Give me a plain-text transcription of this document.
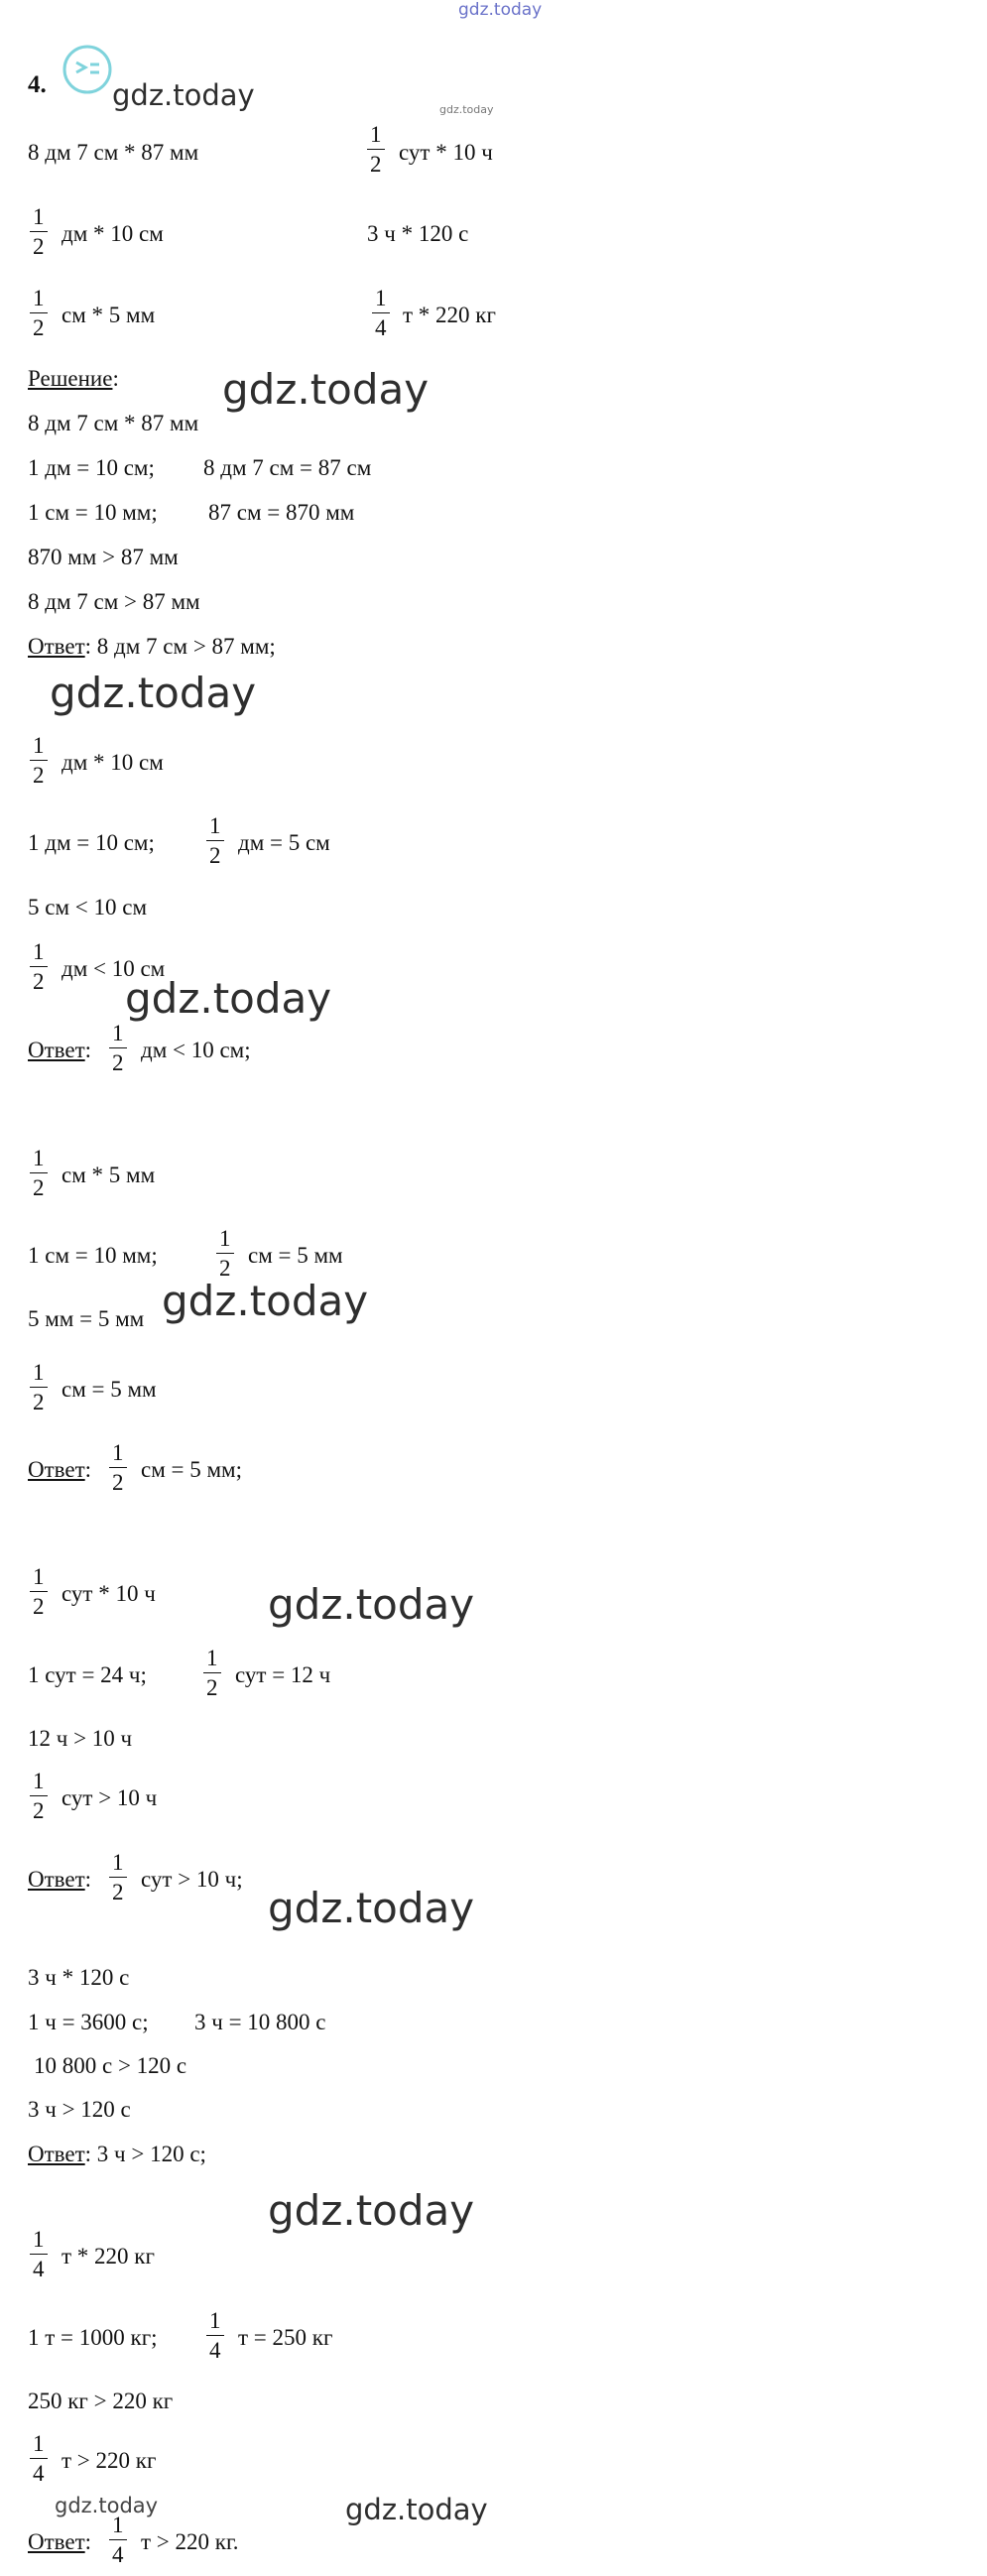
gdz.today
gdz.today	gdz.today
gdz.today
gdz.today
gdz.today
gdz.today
gdz.today
gdz.today
gdz.today
gdz.today	gdz.today
4.
8 дм 7 см * 87 мм	$\frac{1}{2}$ сут * 10 ч
$\frac{1}{2}$ дм * 10 см	3 ч * 120 с
$\frac{1}{2}$ см * 5 мм	$\frac{1}{4}$ т * 220 кг
Решение:
8 дм 7 см * 87 мм
1 дм = 10 см; 8 дм 7 см = 87 см
1 см = 10 мм; 87 см = 870 мм
870 мм > 87 мм
8 дм 7 см > 87 мм
Ответ: 8 дм 7 см > 87 мм;
$\frac{1}{2}$ дм * 10 см
1 дм = 10 см; $\frac{1}{2}$ дм = 5 см
5 см < 10 см
$\frac{1}{2}$ дм < 10 см
Ответ: $\frac{1}{2}$ дм < 10 см;
$\frac{1}{2}$ см * 5 мм
1 см = 10 мм;	$\frac{1}{2}$ см = 5 мм
5 мм = 5 мм
$\frac{1}{2}$ см = 5 мм
Ответ: $\frac{1}{2}$ см = 5 мм;
$\frac{1}{2}$ сут * 10 ч
1 сут = 24 ч; $\frac{1}{2}$ сут = 12 ч
12 ч > 10 ч
$\frac{1}{2}$ сут > 10 ч
Ответ: $\frac{1}{2}$ сут > 10 ч;
3 ч * 120 с
1 ч = 3600 с; 3 ч = 10 800 с
10 800 с > 120 с
3 ч > 120 с
Ответ: 3 ч > 120 с;
$\frac{1}{4}$ т * 220 кг
1 т = 1000 кг; $\frac{1}{4}$ т = 250 кг
250 кг > 220 кг
$\frac{1}{4}$ т > 220 кг
Ответ: $\frac{1}{4}$ т > 220 кг.
